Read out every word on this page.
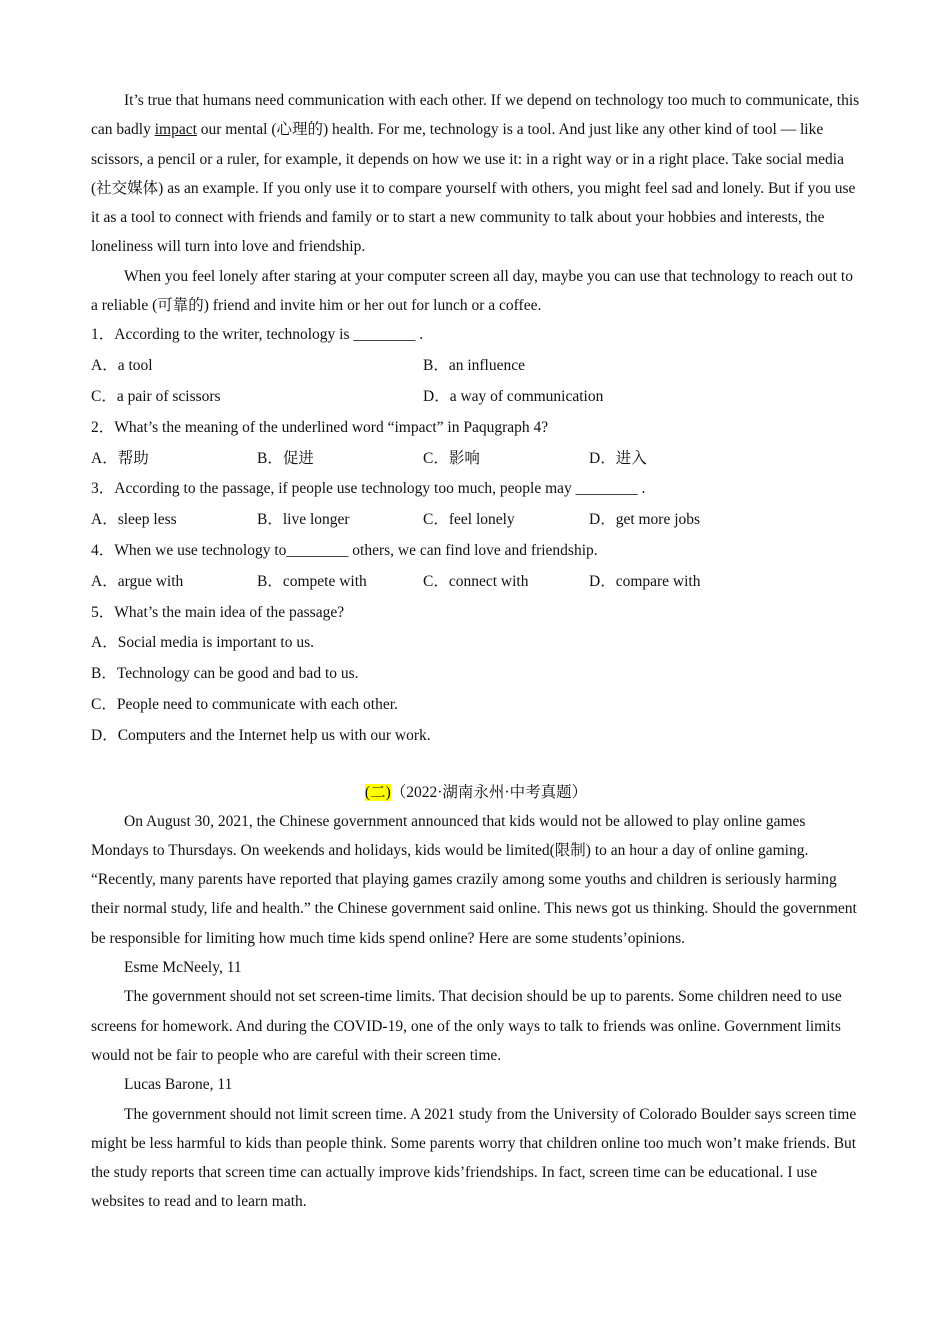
It’s true that humans need communication with each other. If we depend on technology too much to communicate, this can badly impact our mental (心理的) health. For me, technology is a tool. And just like any other kind of tool — like scissors, a pencil or a ruler, for example, it depends on how we use it: in a right way or in a right place. Take social media (社交媒体) as an example. If you only use it to compare yourself with others, you might feel sad and lonely. But if you use it as a tool to connect with friends and family or to start a new community to talk about your hobbies and interests, the loneliness will turn into love and friendship.

When you feel lonely after staring at your computer screen all day, maybe you can use that technology to reach out to a reliable (可靠的) friend and invite him or her out for lunch or a coffee.

1．According to the writer, technology is ________ .

A．a tool	B．an influence
C．a pair of scissors	D．a way of communication

2．What’s the meaning of the underlined word “impact” in Paqugraph 4?

A．帮助	B．促进	C．影响	D．进入

3．According to the passage, if people use technology too much, people may ________ .

A．sleep less	B．live longer	C．feel lonely	D．get more jobs

4．When we use technology to________ others, we can find love and friendship.

A．argue with	B．compete with	C．connect with	D．compare with

5．What’s the main idea of the passage?

A．Social media is important to us.

B．Technology can be good and bad to us.

C．People need to communicate with each other.

D．Computers and the Internet help us with our work.

(二)（2022·湖南永州·中考真题）

On August 30, 2021, the Chinese government announced that kids would not be allowed to play online games Mondays to Thursdays. On weekends and holidays, kids would be limited(限制) to an hour a day of online gaming. “Recently, many parents have reported that playing games crazily among some youths and children is seriously harming their normal study, life and health.” the Chinese government said online. This news got us thinking. Should the government be responsible for limiting how much time kids spend online? Here are some students’opinions.

Esme McNeely, 11

The government should not set screen-time limits. That decision should be up to parents. Some children need to use screens for homework. And during the COVID-19, one of the only ways to talk to friends was online. Government limits would not be fair to people who are careful with their screen time.

Lucas Barone, 11

The government should not limit screen time. A 2021 study from the University of Colorado Boulder says screen time might be less harmful to kids than people think. Some parents worry that children online too much won’t make friends. But the study reports that screen time can actually improve kids’friendships. In fact, screen time can be educational. I use websites to read and to learn math.
